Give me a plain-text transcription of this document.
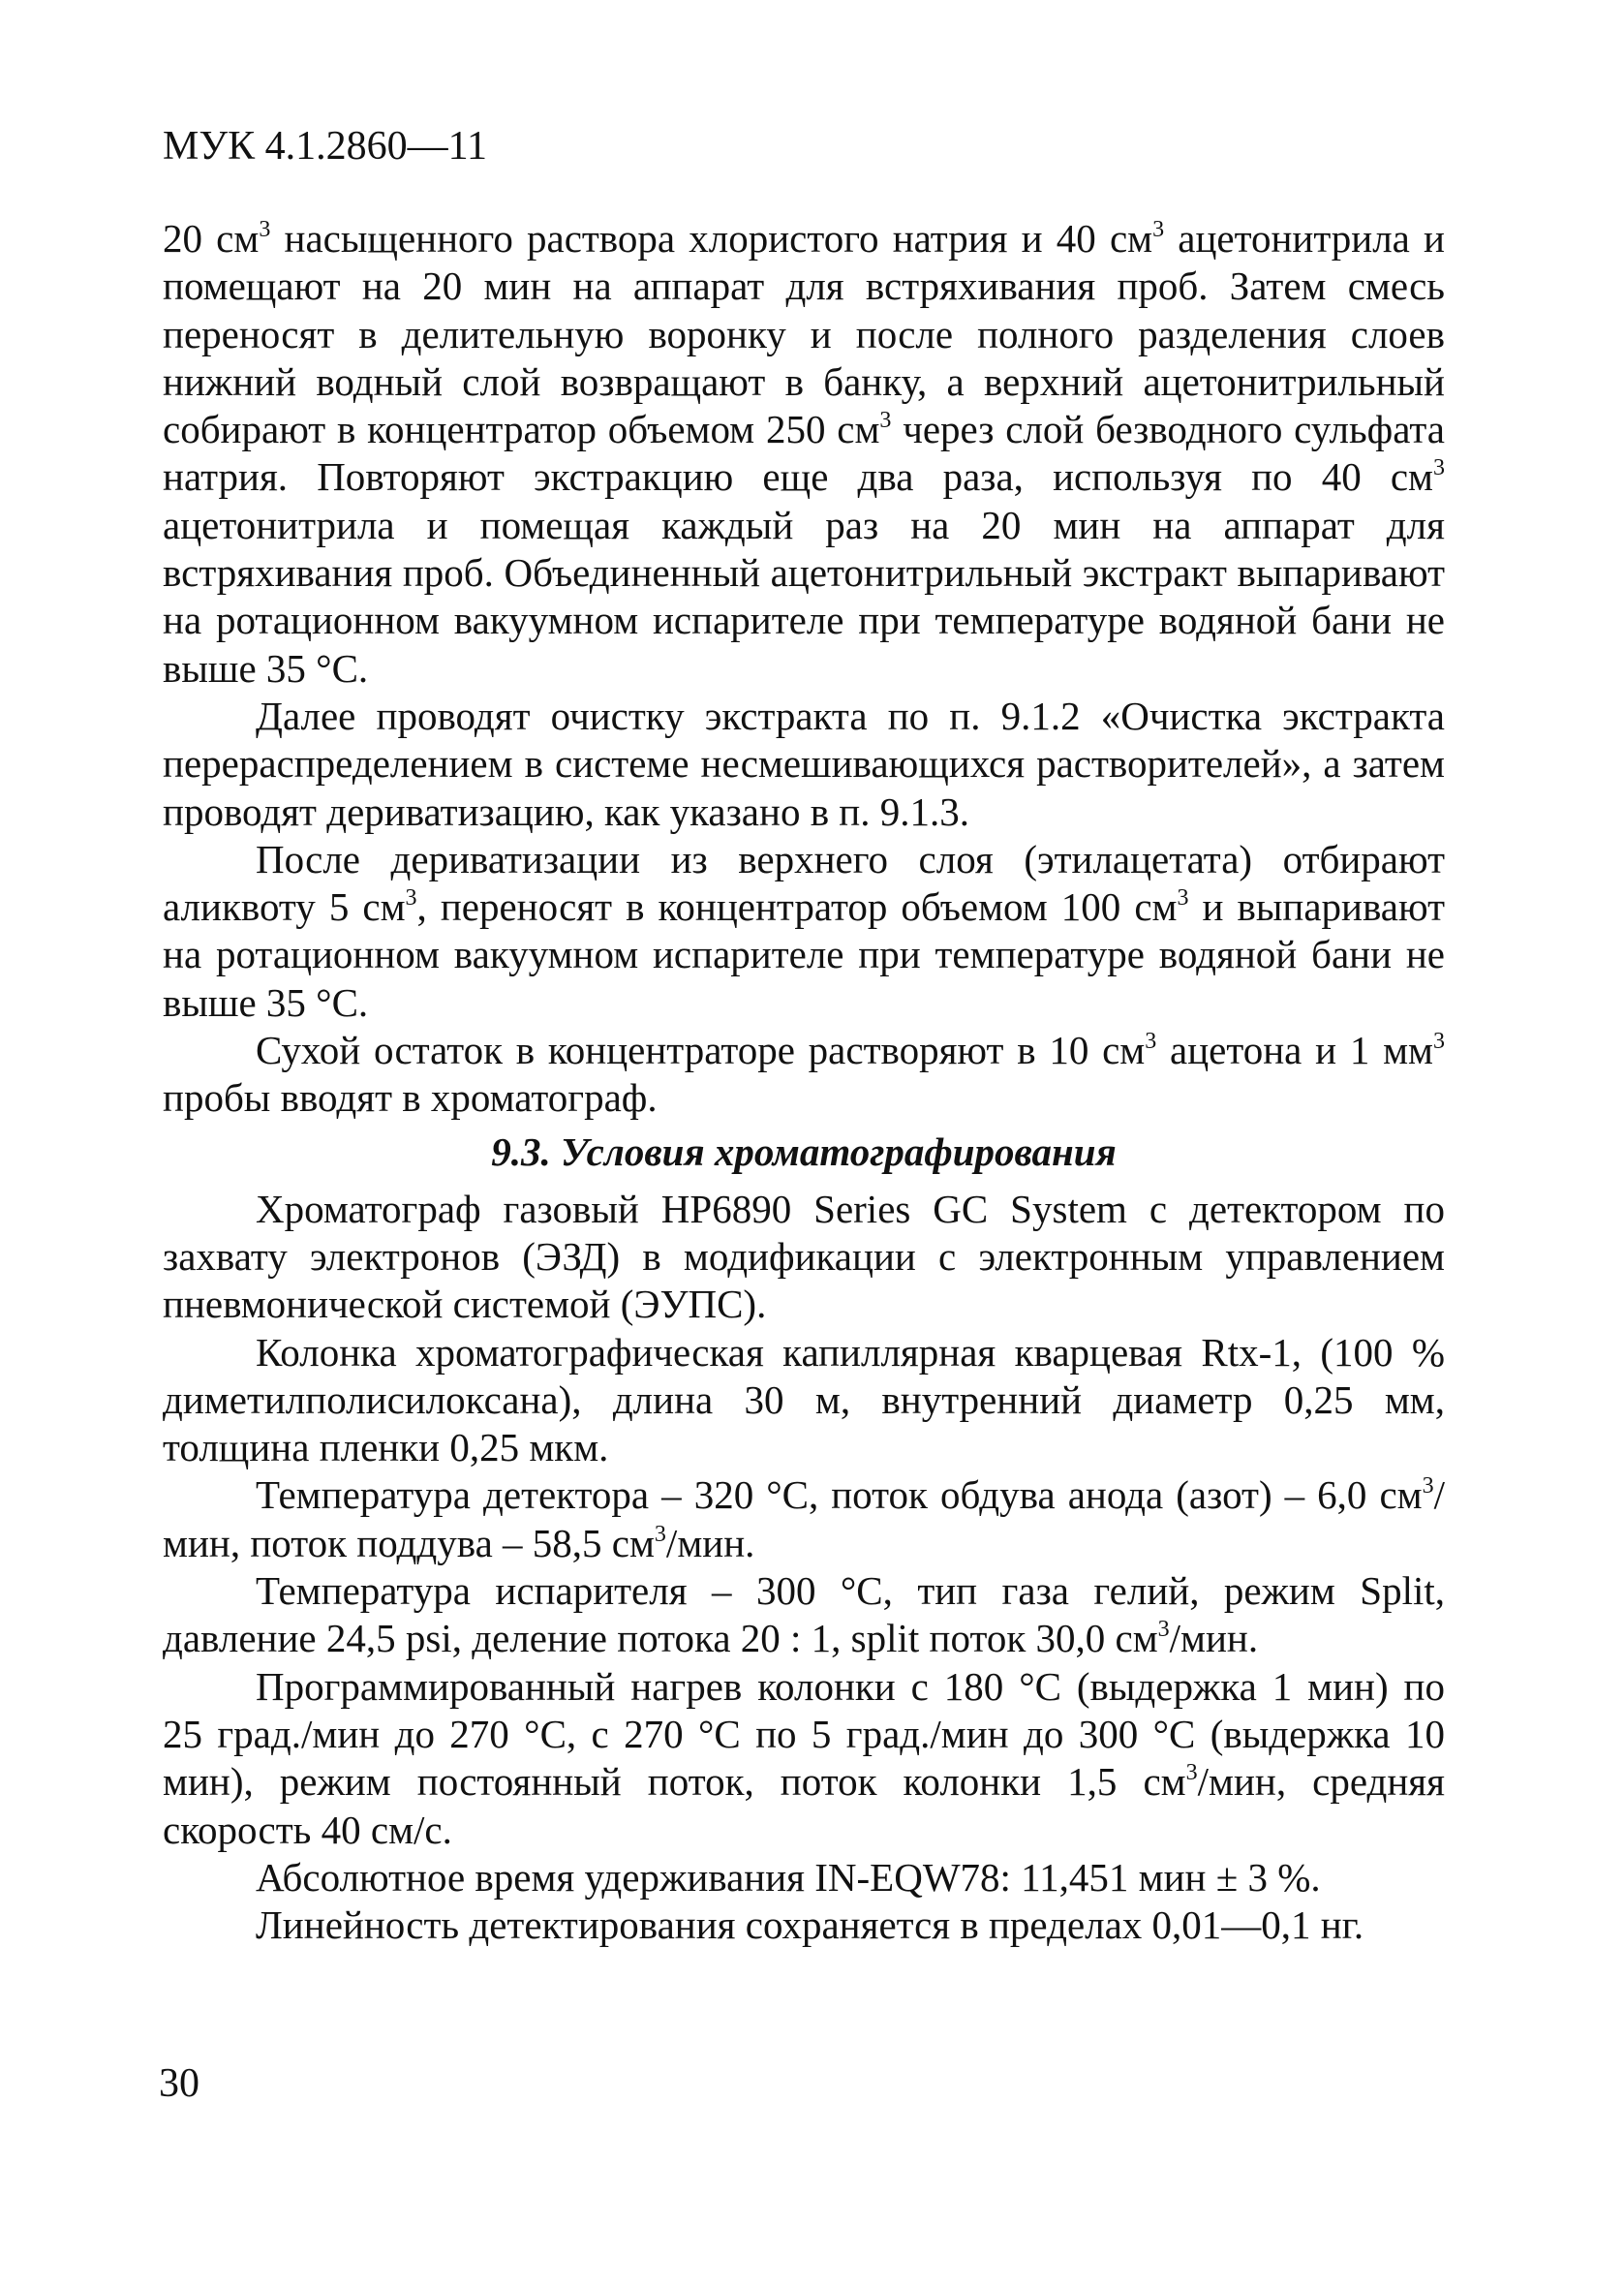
МУК 4.1.2860—11

20 $см^3$ насыщенного раствора хлористого натрия и 40 $см^3$ ацетонитрила и помещают на 20 мин на аппарат для встряхивания проб. Затем смесь переносят в делительную воронку и после полного разделения слоев нижний водный слой возвращают в банку, а верхний ацетонитрильный собирают в концентратор объемом 250 $см^3$ через слой безводного сульфата натрия. Повторяют экстракцию еще два раза, используя по 40 $см^3$ ацетонитрила и помещая каждый раз на 20 мин на аппарат для встряхивания проб. Объединенный ацетонитрильный экстракт выпаривают на ротационном вакуумном испарителе при температуре водяной бани не выше 35 °С.

Далее проводят очистку экстракта по п. 9.1.2 «Очистка экстракта перераспределением в системе несмешивающихся растворителей», а затем проводят дериватизацию, как указано в п. 9.1.3.

После дериватизации из верхнего слоя (этилацетата) отбирают аликвоту 5 $см^3$, переносят в концентратор объемом 100 $см^3$ и выпаривают на ротационном вакуумном испарителе при температуре водяной бани не выше 35 °С.

Сухой остаток в концентраторе растворяют в 10 $см^3$ ацетона и 1 $мм^3$ пробы вводят в хроматограф.

9.3. Условия хроматографирования

Хроматограф газовый HP6890 Series GC System с детектором по захвату электронов (ЭЗД) в модификации с электронным управлением пневмонической системой (ЭУПС).

Колонка хроматографическая капиллярная кварцевая Rtx-1, (100 % диметилполисилоксана), длина 30 м, внутренний диаметр 0,25 мм, толщина пленки 0,25 мкм.

Температура детектора – 320 °С, поток обдува анода (азот) – 6,0 $см^3$/мин, поток поддува – 58,5 $см^3$/мин.

Температура испарителя – 300 °С, тип газа гелий, режим Split, давление 24,5 psi, деление потока 20 : 1, split поток 30,0 $см^3$/мин.

Программированный нагрев колонки с 180 °С (выдержка 1 мин) по 25 град./мин до 270 °С, с 270 °С по 5 град./мин до 300 °С (выдержка 10 мин), режим постоянный поток, поток колонки 1,5 $см^3$/мин, средняя скорость 40 см/с.

Абсолютное время удерживания IN-EQW78: 11,451 мин ± 3 %.

Линейность детектирования сохраняется в пределах 0,01—0,1 нг.

30
